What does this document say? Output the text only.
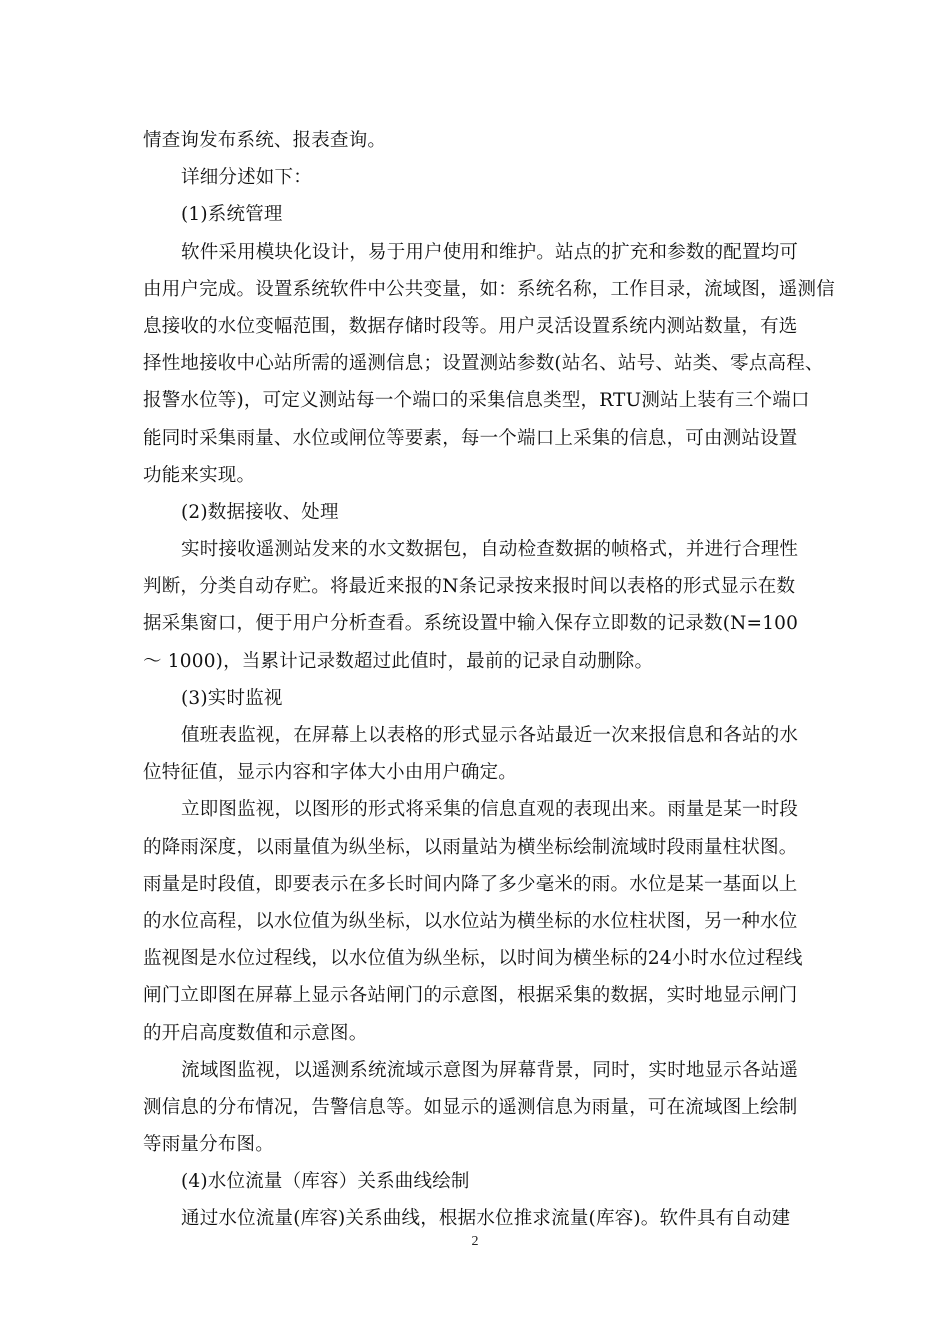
情查询发布系统、报表查询。
详细分述如下：
(1)系统管理
软件采用模块化设计，易于用户使用和维护。站点的扩充和参数的配置均可
由用户完成。设置系统软件中公共变量，如：系统名称，工作目录，流域图，遥测信
息接收的水位变幅范围，数据存储时段等。用户灵活设置系统内测站数量，有选
择性地接收中心站所需的遥测信息；设置测站参数(站名、站号、站类、零点高程、
报警水位等)，可定义测站每一个端口的采集信息类型，RTU测站上装有三个端口
能同时采集雨量、水位或闸位等要素，每一个端口上采集的信息，可由测站设置
功能来实现。
(2)数据接收、处理
实时接收遥测站发来的水文数据包，自动检查数据的帧格式，并进行合理性
判断，分类自动存贮。将最近来报的N条记录按来报时间以表格的形式显示在数
据采集窗口，便于用户分析查看。系统设置中输入保存立即数的记录数(N=100
～ 1000)，当累计记录数超过此值时，最前的记录自动删除。
(3)实时监视
值班表监视，在屏幕上以表格的形式显示各站最近一次来报信息和各站的水
位特征值，显示内容和字体大小由用户确定。
立即图监视，以图形的形式将采集的信息直观的表现出来。雨量是某一时段
的降雨深度，以雨量值为纵坐标，以雨量站为横坐标绘制流域时段雨量柱状图。
雨量是时段值，即要表示在多长时间内降了多少毫米的雨。水位是某一基面以上
的水位高程，以水位值为纵坐标，以水位站为横坐标的水位柱状图，另一种水位
监视图是水位过程线，以水位值为纵坐标，以时间为横坐标的24小时水位过程线
闸门立即图在屏幕上显示各站闸门的示意图，根据采集的数据，实时地显示闸门
的开启高度数值和示意图。
流域图监视，以遥测系统流域示意图为屏幕背景，同时，实时地显示各站遥
测信息的分布情况，告警信息等。如显示的遥测信息为雨量，可在流域图上绘制
等雨量分布图。
(4)水位流量（库容）关系曲线绘制
通过水位流量(库容)关系曲线，根据水位推求流量(库容)。软件具有自动建
2
